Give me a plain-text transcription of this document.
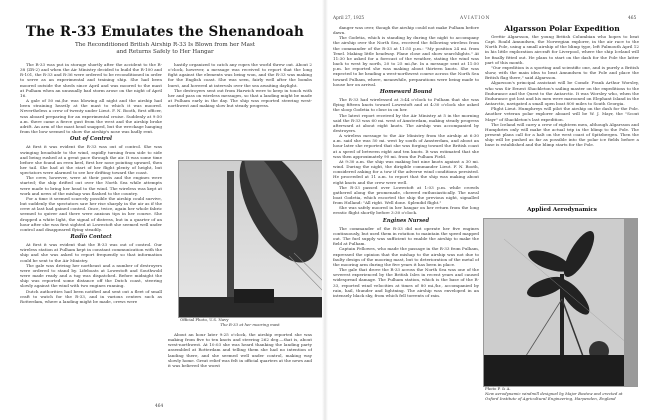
The R-33 Emulates the Shenandoah
The Reconditioned British Airship R-33 Is Blown from her Mast
and Returns Safely to Her Hangar

The R-33 was put in storage shortly after the accident to the R-38 (ZR-2) and when the Air Ministry decided to build the R-100 and R-101, the R-33 and R-36 were ordered to be reconditioned in order to serve as an experimental and training ship. She had been moored outside the sheds since April and was moored to the mast at Pulham when an unusually bad storm arose on the night of April 16.

A gale of 50 mi./hr. was blowing all night and the airship had been straining heavily at the mast to which it was moored. Nevertheless a crew of twenty under Lieut. F. N. Booth, first officer, was aboard preparing for an experimental cruise. Suddenly at 9:50 a.m. there came a fierce gust from the west and the airship broke adrift. An arm of the mast head snapped, but the wreckage hanging from the bow seemed to show the airship's nose was badly rent.

Out of Control

At first it was evident the R-33 was out of control. She was swinging broadside to the wind, rapidly turning from side to side and being rushed at a great pace through the air. It was some time before she found an even keel, first her nose pointing upward, then her tail. She had at the start of her flight plenty of height, but spectators were alarmed to see her drifting toward the coast.

The crew, however, were at their posts and the engines were started; the ship drifted out over the North Sea while attempts were made to bring her head to the wind. The wireless was kept at work and news of the mishap was flashed to the country.

For a time it seemed scarcely possible the airship could survive, but suddenly the spectators saw her rise sharply in the air as if the crew at last had gained control. Once, twice, again her whole fabric seemed to quiver and there were anxious tips in her course. She dropped a white light, the signal of distress, but in a quarter of an hour after she was first sighted at Lowestoft she seemed well under control and disappeared flying steadily.

Radio Contact

At first it was evident that the R-33 was out of control. Our wireless station at Pulham kept in constant communication with the ship and she was asked to report frequently so that information could be sent to the Air Ministry.

The gale was driving her northeast and a number of destroyers were ordered to stand by. Lifeboats at Lowestoft and Southwold were made ready and a tug was dispatched. Before midnight the ship was reported some distance off the Dutch coast, steering slowly against the wind with two engines running.

Dutch authorities had been notified and sent out a fleet of small craft to watch for the R-33, and in various centers such as Rotterdam, where a landing might be made, crews were

hastily organized to catch any ropes the world threw out. About 2 o'clock, however, a message was received to report that the long fight against the elements was being won, and the R-33 was making for the English coast. She was seen, fairly well after the bombs burst, and hovered at intervals over the sea awaiting daylight.

The destroyers sent out from Harwich were to keep in touch with her and pass on wireless messages, so that a landing might be made at Pulham early in the day. The ship was reported steering west-northwest and making slow but steady progress.

Official Photo, U.S. Navy
The R-33 at her mooring mast

About an hour later 9:25 o'clock, the airship reported she was making from five to ten knots and steering 262 deg.—that is, about west-northwest. At 10:03 she was heard thanking the landing party assembled at Rotterdam and telling them she had no intention of landing there, and she seemed well under control, making way slowly home. Great relief was felt in official quarters at the news and it was believed the worst

464
April 27, 1925	AVIATION	465

danger was over, though the airship could not make Pulham before dawn.

The Godetia, which is standing by during the night to accompany the airship over the North Sea, received the following wireless from the commander of the R-33 at 11:55 p.m.: "My position 24 mi. from Texel. Making little headway. Plane close and show searchlights." At 11:30 he asked for a forecast of the weather, stating the wind was back to west by north, 20 to 25 mi./hr. In a message sent at 11:50 p.m. he reported she was making about thirteen knots. She was expected to be heading a west-northwest course across the North Sea toward Pulham, where, meanwhile, preparations were being made to house her on arrival.

Homeward Bound

The R-33 had wirelessed at 3:44 o'clock to Pulham that she was flying fifteen knots toward Lowestoft and at 4:30 o'clock she asked the sloop Godetia to close in on her.

The latest report received by the Air Ministry at 5 in the morning said the R-33 was 60 mi. west of Amsterdam, making steady progress afterward at about eight knots. The airship was accompanied by destroyers.

A wireless message to the Air Ministry from the airship at 6:30 a.m. said she was 50 mi. west by south of Amsterdam, and about an hour later she reported that she was forging toward the British coast at a speed of between eight and ten knots. It was estimated that she was then approximately 90 mi. from the Pulham Field.

At 9:30 a.m. the ship was making but nine knots against a 30 mi. wind. During the night, the dirigible commander Lieut. F. N. Booth, considered asking for a tow if the adverse wind conditions persisted. He proceeded at 11 a.m. to report that the ship was making about eight knots and the crew were well.

The R-33 passed over Lowestoft at 1:03 p.m. while crowds gathered along the promenade, cheered enthusiastically. The naval boat Godetia, which escorted the ship the previous night, signalled from Holland: "All right. Well done. Splendid flight."

She was safely moored in her hangar on her return from the long erratic flight shortly before 3:30 o'clock.

Engines Nursed

The commander of the R-33 did not operate her five engines continuously, but used them in rotation to maintain the speed mapped out. The fuel supply was sufficient to enable the airship to make the field at Pulham.

Captain Fellowes, who made the passage in the R-33 from Pulham, expressed the opinion that the mishap to the airship was not due to faulty design of the mooring mast, but to deterioration of the metal of the mooring arm during the five years it has been in place.

The gale that drove the R-33 across the North Sea was one of the severest experienced by the British Isles in recent years and caused widespread damage. The Pulham station, which is the base of the R-33, reported wind velocities at times of 80 mi./hr., accompanied by rain, hail, thunder and lightning. The airship was enveloped in an intensely black sky, from which fell torrents of rain.

Algarsson Polar Expedition

Grettir Algarsson, the young British Columbian who hopes to beat Capt. Roald Amundsen, the Norwegian explorer, in the air race to the North Pole, using a small airship of the blimp type, left Falmouth April 12 in his little exploration aircraft for Liverpool, where the ship Iceland will be finally fitted out. He plans to start on the dash for the Pole the latter part of this month.

"Our expedition is a sporting and scientific one, and is purely a British show, with the main idea to beat Amundsen to the Pole and place the British flag there," said Algarsson.

Algarsson's principal assistant will be Comdr. Frank Arthur Worsley, who was Sir Ernest Shackleton's sailing master on the expeditions to the Endurance and the Quest to the Antarctic. It was Worsley who, when the Endurance got lost and his men were marooned on Elephant Island in the Antarctic, navigated a small open boat 800 miles to South Georgia.

Flight Lieut. Humphreys will pilot the airship on the dash for the Pole. Another veteran polar explorer aboard will be W. J. Mayr, the "Scout Mayr" of Shackleton's last expedition.

The Iceland will carry a crew of eighteen men, although Algarsson and Humphries only will make the actual trip in the blimp to the Pole. The present plans call for a halt on the west coast of Spitzbergen. Then the ship will be pushed as far as possible into the polar ice fields before a base is established and the blimp starts for the Pole.

Applied Aerodynamics
Photo P. & A.
New aerodynamic windmill designed by Major Bostow and erected at Oxford Institute of Agricultural Engineering, Harpenden, England
